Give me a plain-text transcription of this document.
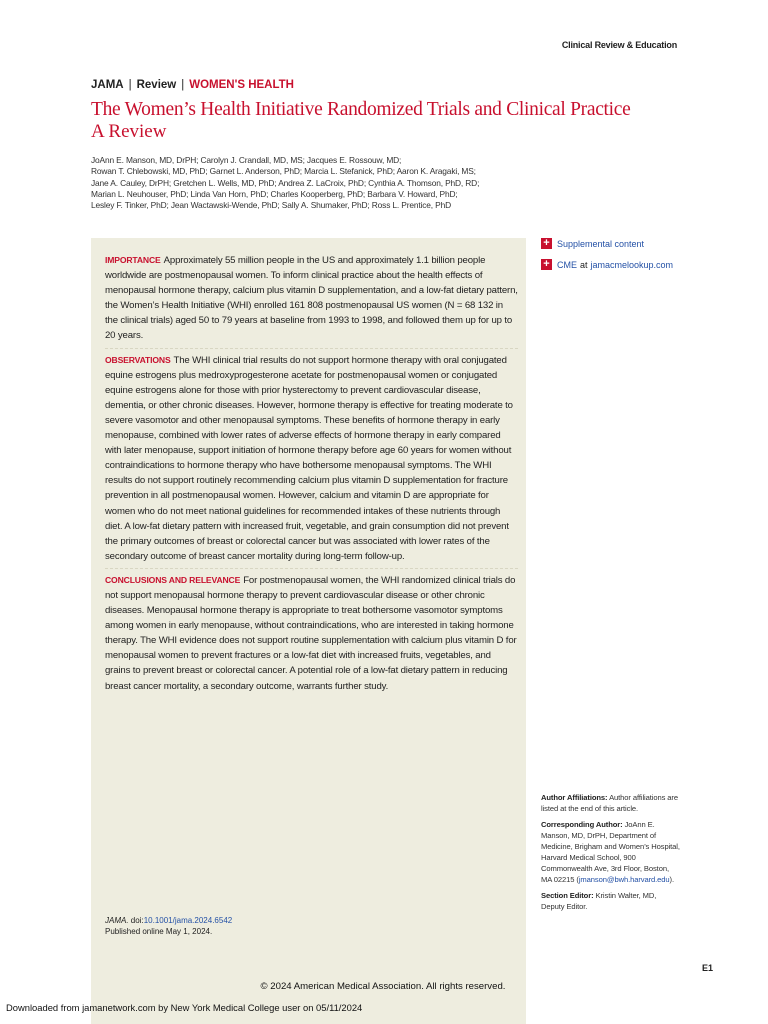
Clinical Review & Education
JAMA | Review | WOMEN'S HEALTH
The Women’s Health Initiative Randomized Trials and Clinical Practice
A Review
JoAnn E. Manson, MD, DrPH; Carolyn J. Crandall, MD, MS; Jacques E. Rossouw, MD;
Rowan T. Chlebowski, MD, PhD; Garnet L. Anderson, PhD; Marcia L. Stefanick, PhD; Aaron K. Aragaki, MS;
Jane A. Cauley, DrPH; Gretchen L. Wells, MD, PhD; Andrea Z. LaCroix, PhD; Cynthia A. Thomson, PhD, RD;
Marian L. Neuhouser, PhD; Linda Van Horn, PhD; Charles Kooperberg, PhD; Barbara V. Howard, PhD;
Lesley F. Tinker, PhD; Jean Wactawski-Wende, PhD; Sally A. Shumaker, PhD; Ross L. Prentice, PhD

IMPORTANCE Approximately 55 million people in the US and approximately 1.1 billion people worldwide are postmenopausal women. To inform clinical practice about the health effects of menopausal hormone therapy, calcium plus vitamin D supplementation, and a low-fat dietary pattern, the Women’s Health Initiative (WHI) enrolled 161 808 postmenopausal US women (N = 68 132 in the clinical trials) aged 50 to 79 years at baseline from 1993 to 1998, and followed them up for up to 20 years.

OBSERVATIONS The WHI clinical trial results do not support hormone therapy with oral conjugated equine estrogens plus medroxyprogesterone acetate for postmenopausal women or conjugated equine estrogens alone for those with prior hysterectomy to prevent cardiovascular disease, dementia, or other chronic diseases. However, hormone therapy is effective for treating moderate to severe vasomotor and other menopausal symptoms. These benefits of hormone therapy in early menopause, combined with lower rates of adverse effects of hormone therapy in early compared with later menopause, support initiation of hormone therapy before age 60 years for women without contraindications to hormone therapy who have bothersome menopausal symptoms. The WHI results do not support routinely recommending calcium plus vitamin D supplementation for fracture prevention in all postmenopausal women. However, calcium and vitamin D are appropriate for women who do not meet national guidelines for recommended intakes of these nutrients through diet. A low-fat dietary pattern with increased fruit, vegetable, and grain consumption did not prevent the primary outcomes of breast or colorectal cancer but was associated with lower rates of the secondary outcome of breast cancer mortality during long-term follow-up.

CONCLUSIONS AND RELEVANCE For postmenopausal women, the WHI randomized clinical trials do not support menopausal hormone therapy to prevent cardiovascular disease or other chronic diseases. Menopausal hormone therapy is appropriate to treat bothersome vasomotor symptoms among women in early menopause, without contraindications, who are interested in taking hormone therapy. The WHI evidence does not support routine supplementation with calcium plus vitamin D for menopausal women to prevent fractures or a low-fat diet with increased fruits, vegetables, and grains to prevent breast or colorectal cancer. A potential role of a low-fat dietary pattern in reducing breast cancer mortality, a secondary outcome, warrants further study.

+ Supplemental content
+ CME at jamacmelookup.com

Author Affiliations: Author affiliations are listed at the end of this article.

Corresponding Author: JoAnn E. Manson, MD, DrPH, Department of Medicine, Brigham and Women’s Hospital, Harvard Medical School, 900 Commonwealth Ave, 3rd Floor, Boston, MA 02215 (jmanson@bwh.harvard.edu).

Section Editor: Kristin Walter, MD, Deputy Editor.

JAMA. doi:10.1001/jama.2024.6542
Published online May 1, 2024.
E1
© 2024 American Medical Association. All rights reserved.
Downloaded from jamanetwork.com by New York Medical College user on 05/11/2024
